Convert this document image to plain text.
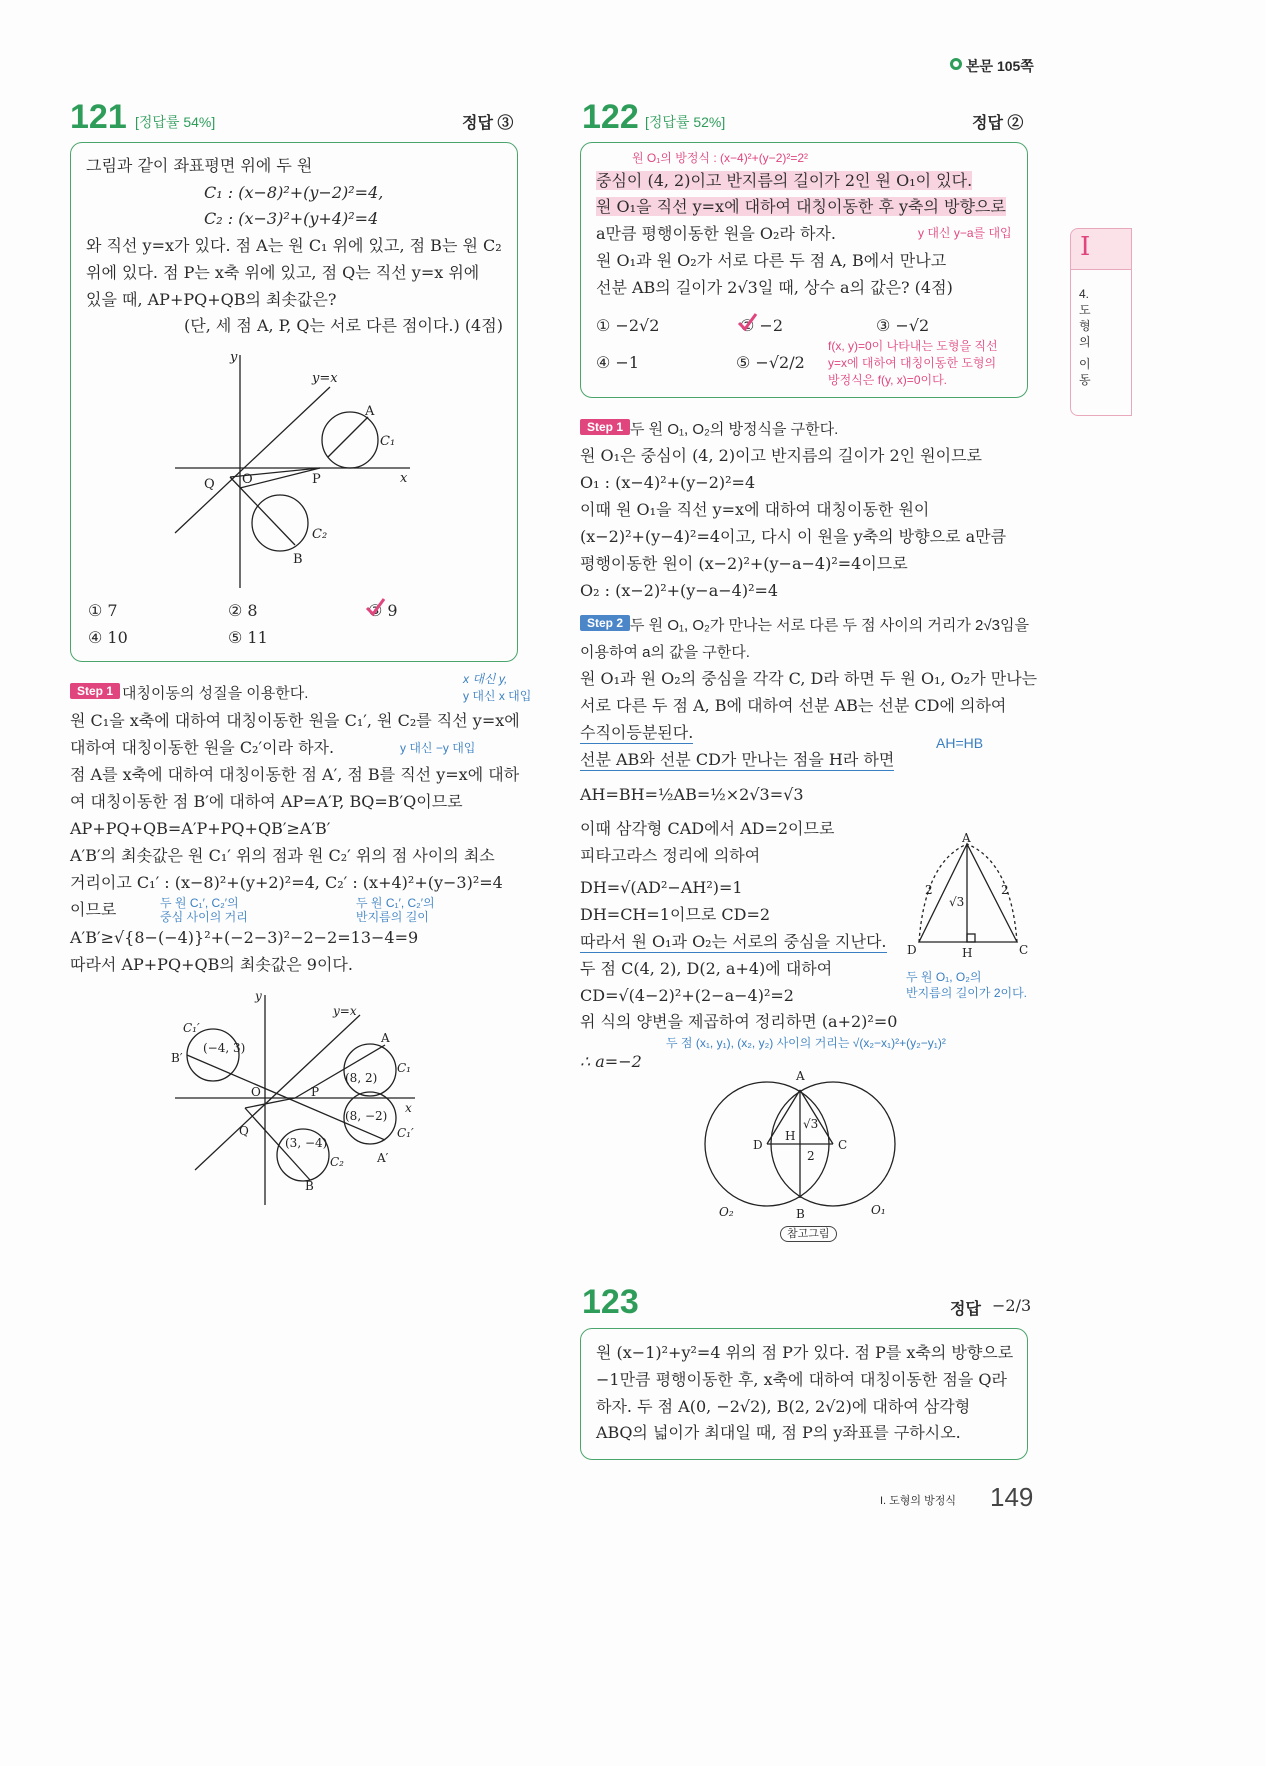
본문 105쪽
121 [정답률 54%]	정답 ③
그림과 같이 좌표평면 위에 두 원
C₁ : (x−8)²+(y−2)²=4,
C₂ : (x−3)²+(y+4)²=4
와 직선 y=x가 있다. 점 A는 원 C₁ 위에 있고, 점 B는 원 C₂
위에 있다. 점 P는 x축 위에 있고, 점 Q는 직선 y=x 위에
있을 때, AP+PQ+QB의 최솟값은?
(단, 세 점 A, P, Q는 서로 다른 점이다.) (4점)
y
x
y=x
A
C₁
P
O
Q
C₂
B
① 7	② 8	③ 9
④ 10	⑤ 11
Step 1 대칭이동의 성질을 이용한다.
x 대신 y,
y 대신 x 대입
원 C₁을 x축에 대하여 대칭이동한 원을 C₁′, 원 C₂를 직선 y=x에
대하여 대칭이동한 원을 C₂′이라 하자.	y 대신 −y 대입
점 A를 x축에 대하여 대칭이동한 점 A′, 점 B를 직선 y=x에 대하
여 대칭이동한 점 B′에 대하여 AP=A′P, BQ=B′Q이므로
AP+PQ+QB=A′P+PQ+QB′≥A′B′
A′B′의 최솟값은 원 C₁′ 위의 점과 원 C₂′ 위의 점 사이의 최소
거리이고 C₁′ : (x−8)²+(y+2)²=4, C₂′ : (x+4)²+(y−3)²=4
이므로	두 원 C₁′, C₂′의
중심 사이의 거리
두 원 C₁′, C₂′의
반지름의 길이
A′B′≥√{8−(−4)}²+(−2−3)²−2−2=13−4=9
따라서 AP+PQ+QB의 최솟값은 9이다.
y
x
y=x
C₁′
B′
(−4, 3)
A
C₁
(8, 2)
(8, −2)
C₁′
A′
(3, −4)
C₂
B
O	P
Q
122 [정답률 52%]	정답 ②
원 O₁의 방정식 : (x−4)²+(y−2)²=2²
중심이 (4, 2)이고 반지름의 길이가 2인 원 O₁이 있다.
원 O₁을 직선 y=x에 대하여 대칭이동한 후 y축의 방향으로
a만큼 평행이동한 원을 O₂라 하자.	y 대신 y−a를 대입
원 O₁과 원 O₂가 서로 다른 두 점 A, B에서 만나고
선분 AB의 길이가 2√3일 때, 상수 a의 값은? (4점)
① −2√2	② −2	③ −√2
④ −1	⑤ −√2/2
f(x, y)=0이 나타내는 도형을 직선
y=x에 대하여 대칭이동한 도형의
방정식은 f(y, x)=0이다.
Step 1 두 원 O₁, O₂의 방정식을 구한다.
원 O₁은 중심이 (4, 2)이고 반지름의 길이가 2인 원이므로
O₁ : (x−4)²+(y−2)²=4
이때 원 O₁을 직선 y=x에 대하여 대칭이동한 원이
(x−2)²+(y−4)²=4이고, 다시 이 원을 y축의 방향으로 a만큼
평행이동한 원이 (x−2)²+(y−a−4)²=4이므로
O₂ : (x−2)²+(y−a−4)²=4
Step 2 두 원 O₁, O₂가 만나는 서로 다른 두 점 사이의 거리가 2√3임을
이용하여 a의 값을 구한다.
원 O₁과 원 O₂의 중심을 각각 C, D라 하면 두 원 O₁, O₂가 만나는
서로 다른 두 점 A, B에 대하여 선분 AB는 선분 CD에 의하여
수직이등분된다.
선분 AB와 선분 CD가 만나는 점을 H라 하면
AH=HB
AH=BH=½AB=½×2√3=√3
이때 삼각형 CAD에서 AD=2이므로
피타고라스 정리에 의하여
DH=√(AD²−AH²)=1
DH=CH=1이므로 CD=2
따라서 원 O₁과 O₂는 서로의 중심을 지난다.
두 원 O₁, O₂의
반지름의 길이가 2이다.
두 점 C(4, 2), D(2, a+4)에 대하여
CD=√(4−2)²+(2−a−4)²=2
위 식의 양변을 제곱하여 정리하면 (a+2)²=0
두 점 (x₁, y₁), (x₂, y₂) 사이의 거리는 √(x₂−x₁)²+(y₂−y₁)²
∴ a=−2
A
D	H	C
2	2
√3
A
B
C
D
H
√3
2
O₂	O₁
참고그림
123	정답 −2/3
원 (x−1)²+y²=4 위의 점 P가 있다. 점 P를 x축의 방향으로
−1만큼 평행이동한 후, x축에 대하여 대칭이동한 점을 Q라
하자. 두 점 A(0, −2√2), B(2, 2√2)에 대하여 삼각형
ABQ의 넓이가 최대일 때, 점 P의 y좌표를 구하시오.
I
4.
도
형
의
이
동
I. 도형의 방정식 149
